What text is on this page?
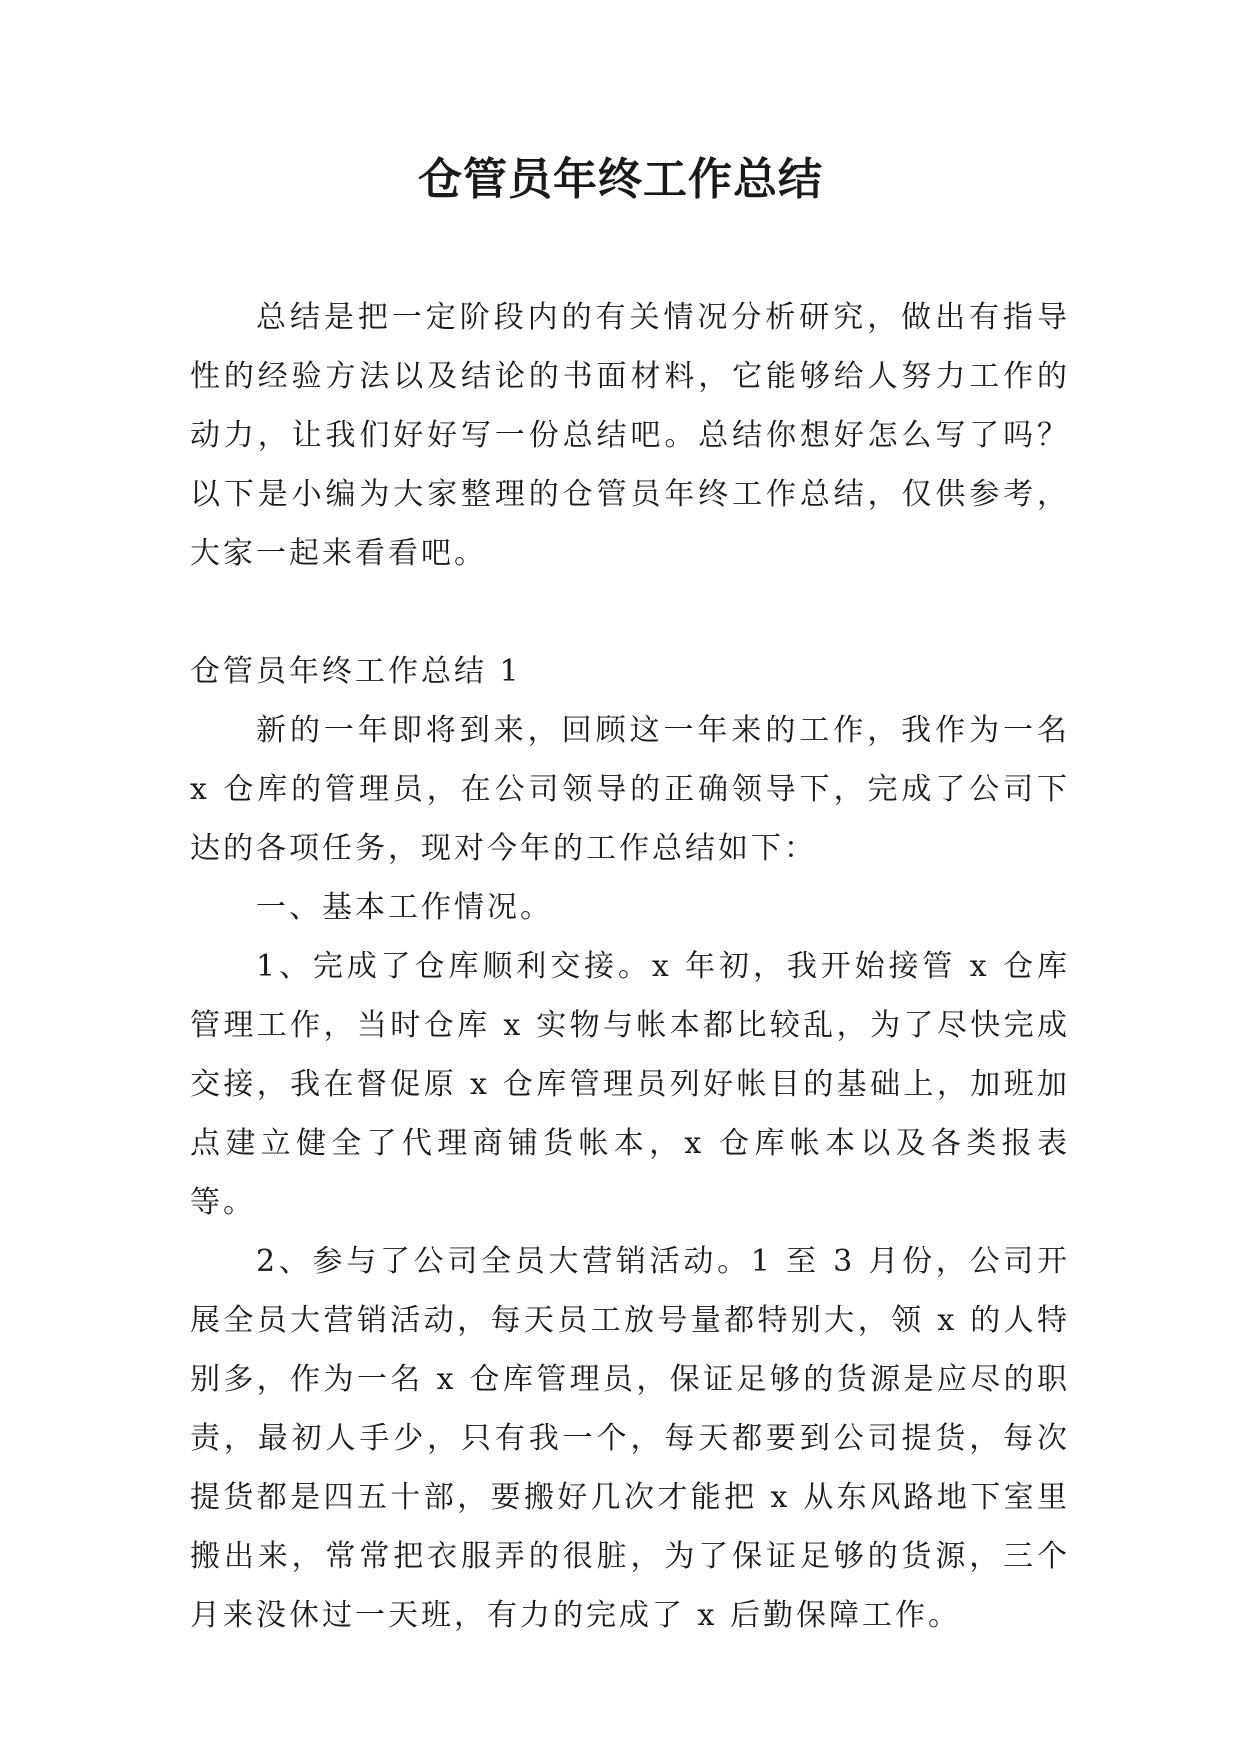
仓管员年终工作总结

总结是把一定阶段内的有关情况分析研究，做出有指导性的经验方法以及结论的书面材料，它能够给人努力工作的动力，让我们好好写一份总结吧。总结你想好怎么写了吗？以下是小编为大家整理的仓管员年终工作总结，仅供参考，大家一起来看看吧。

仓管员年终工作总结 1

新的一年即将到来，回顾这一年来的工作，我作为一名 x 仓库的管理员，在公司领导的正确领导下，完成了公司下达的各项任务，现对今年的工作总结如下：

一、基本工作情况。

1、完成了仓库顺利交接。x 年初，我开始接管 x 仓库管理工作，当时仓库 x 实物与帐本都比较乱，为了尽快完成交接，我在督促原 x 仓库管理员列好帐目的基础上，加班加点建立健全了代理商铺货帐本，x 仓库帐本以及各类报表等。

2、参与了公司全员大营销活动。1 至 3 月份，公司开展全员大营销活动，每天员工放号量都特别大，领 x 的人特别多，作为一名 x 仓库管理员，保证足够的货源是应尽的职责，最初人手少，只有我一个，每天都要到公司提货，每次提货都是四五十部，要搬好几次才能把 x 从东风路地下室里搬出来，常常把衣服弄的很脏，为了保证足够的货源，三个月来没休过一天班，有力的完成了 x 后勤保障工作。
